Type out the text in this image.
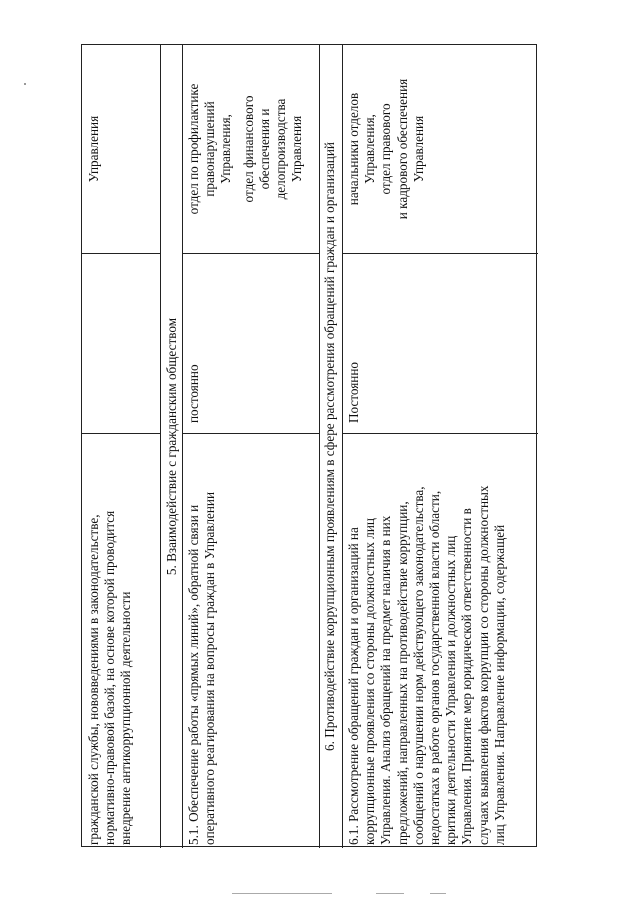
гражданской службы, нововведениями в законодательстве, нормативно-правовой базой, на основе которой проводится внедрение антикоррупционной деятельности
Управления
5. Взаимодействие с гражданским обществом
5.1. Обеспечение работы «прямых линий», обратной связи и оперативного реагирования на вопросы граждан в Управлении
постоянно
отдел по профилактике правонарушений Управления, отдел финансового обеспечения и делопроизводства Управления 6. Противодействие коррупционным проявлениям в сфере рассмотрения обращений граждан и организаций 6.1. Рассмотрение обращений граждан и организаций на коррупционные проявления со стороны должностных лиц Управления. Анализ обращений на предмет наличия в них предложений, направленных на противодействие коррупции, сообщений о нарушении норм действующего законодательства, недостатках в работе органов государственной власти области, критики деятельности Управления и должностных лиц Управления. Принятие мер юридической ответственности в случаях выявления фактов коррупции со стороны должностных лиц Управления. Направление информации, содержащей
Постоянно
начальники отделов Управления, отдел правового и кадрового обеспечения Управления
